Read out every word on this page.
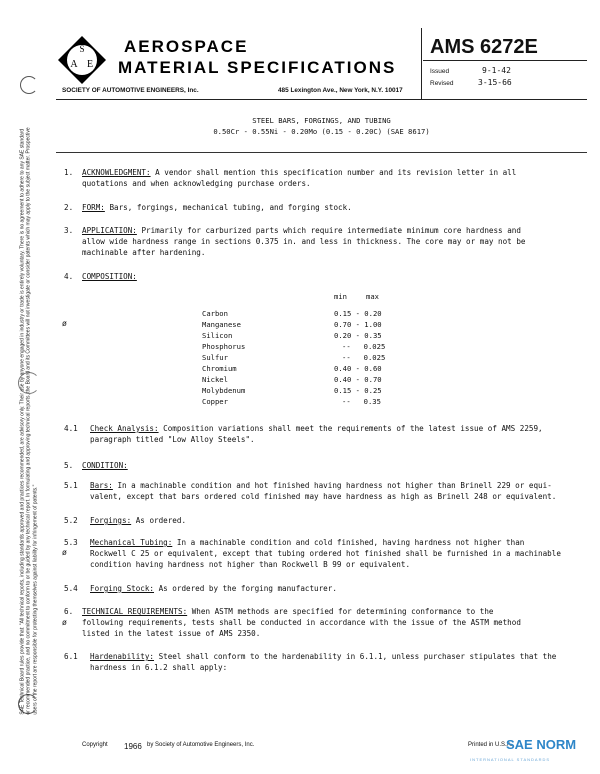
SAE Technical Board rules provide that: "All technical reports, including standards approved and practices recommended, are advisory only. Their use by anyone engaged in industry or trade is entirely voluntary. There is no agreement to adhere to any SAE standard or recommended practice, and no commitment to conform to or be guided by any technical report. In formulating and approving technical reports, the Board and its Committees will not investigate or consider patents which may apply to the subject matter. Prospective users of the report are responsible for protecting themselves against liability for infringement of patents."
S
A E
AEROSPACE
MATERIAL SPECIFICATIONS
SOCIETY OF AUTOMOTIVE ENGINEERS, Inc.	485 Lexington Ave., New York, N.Y. 10017
AMS 6272E
Issued	9-1-42
Revised	3-15-66
STEEL BARS, FORGINGS, AND TUBING
0.50Cr - 0.55Ni - 0.20Mo (0.15 - 0.20C) (SAE 8617)
1. ACKNOWLEDGMENT: A vendor shall mention this specification number and its revision letter in all
quotations and when acknowledging purchase orders.
2. FORM: Bars, forgings, mechanical tubing, and forging stock.
3. APPLICATION: Primarily for carburized parts which require intermediate minimum core hardness and
allow wide hardness range in sections 0.375 in. and less in thickness. The core may or may not be
machinable after hardening.
4. COMPOSITION:
min	max
Carbon	0.15 - 0.20
Manganese	0.70 - 1.00
Silicon	0.20 - 0.35
Phosphorus	--   0.025
Sulfur	--   0.025
Chromium	0.40 - 0.60
Nickel	0.40 - 0.70
Molybdenum	0.15 - 0.25
Copper	--   0.35
ø
4.1 Check Analysis: Composition variations shall meet the requirements of the latest issue of AMS 2259,
paragraph titled "Low Alloy Steels".
5. CONDITION:
5.1 Bars: In a machinable condition and hot finished having hardness not higher than Brinell 229 or equi-
valent, except that bars ordered cold finished may have hardness as high as Brinell 248 or equivalent.
5.2 Forgings: As ordered.
5.3 Mechanical Tubing: In a machinable condition and cold finished, having hardness not higher than
Rockwell C 25 or equivalent, except that tubing ordered hot finished shall be furnished in a machinable
condition having hardness not higher than Rockwell B 99 or equivalent.
ø
5.4 Forging Stock: As ordered by the forging manufacturer.
6. TECHNICAL REQUIREMENTS: When ASTM methods are specified for determining conformance to the
following requirements, tests shall be conducted in accordance with the issue of the ASTM method
listed in the latest issue of AMS 2350.
ø
6.1 Hardenability: Steel shall conform to the hardenability in 6.1.1, unless purchaser stipulates that the
hardness in 6.1.2 shall apply:
Copyright 1966 by Society of Automotive Engineers, Inc.	Printed in U.S.A.
SAE NORM
INTERNATIONAL STANDARDS
